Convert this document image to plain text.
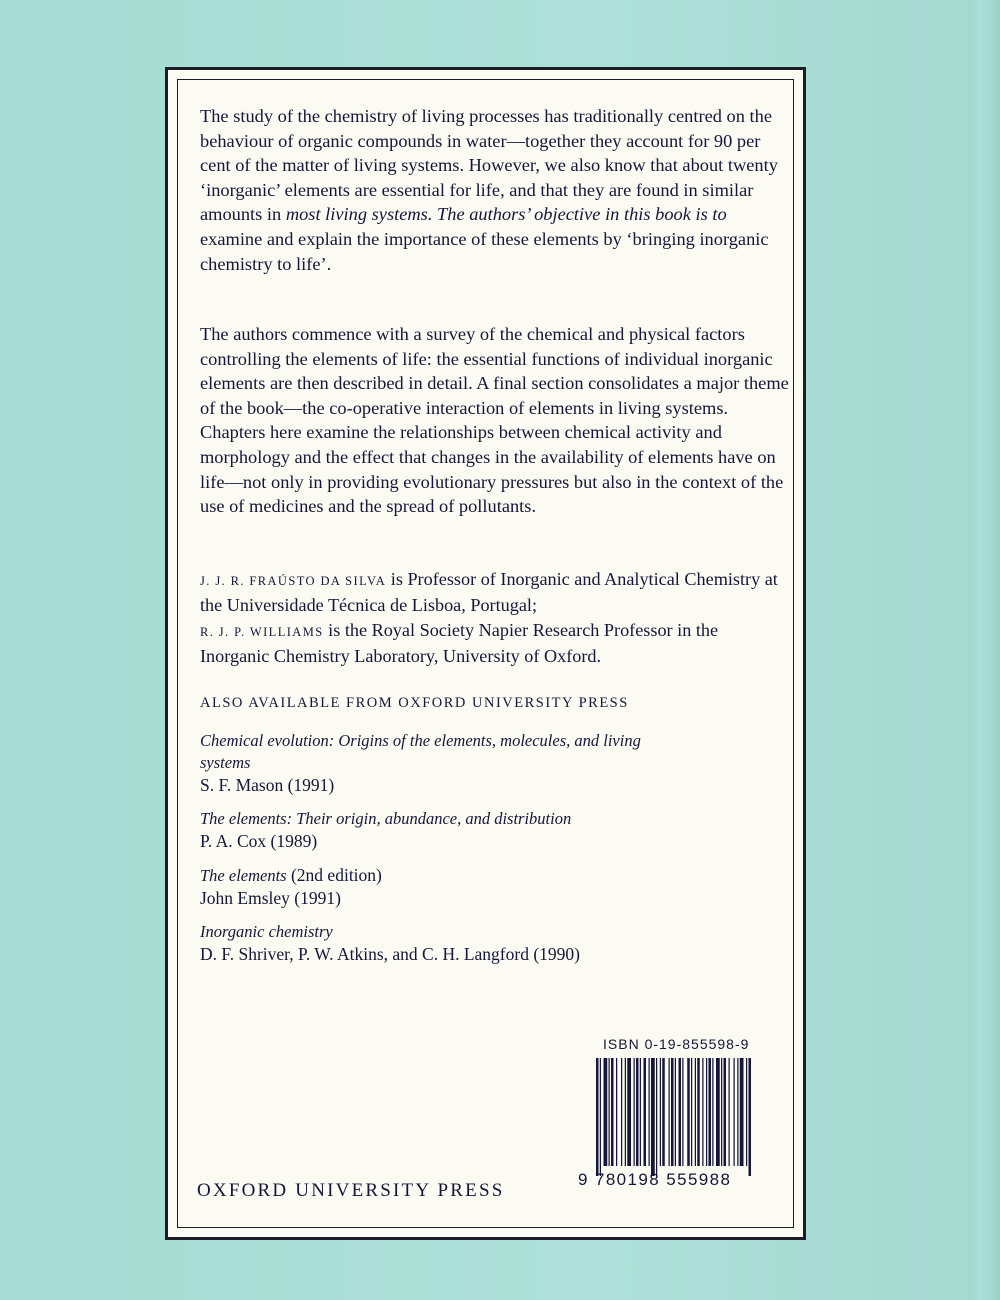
The study of the chemistry of living processes has traditionally centred on the behaviour of organic compounds in water—together they account for 90 per cent of the matter of living systems. However, we also know that about twenty ‘inorganic’ elements are essential for life, and that they are found in similar amounts in most living systems. The authors’ objective in this book is to examine and explain the importance of these elements by ‘bringing inorganic chemistry to life’.

The authors commence with a survey of the chemical and physical factors controlling the elements of life: the essential functions of individual inorganic elements are then described in detail. A final section consolidates a major theme of the book—the co-operative interaction of elements in living systems. Chapters here examine the relationships between chemical activity and morphology and the effect that changes in the availability of elements have on life—not only in providing evolutionary pressures but also in the context of the use of medicines and the spread of pollutants.

J. J. R. FRAÚSTO DA SILVA is Professor of Inorganic and Analytical Chemistry at the Universidade Técnica de Lisboa, Portugal;
R. J. P. WILLIAMS is the Royal Society Napier Research Professor in the Inorganic Chemistry Laboratory, University of Oxford.
ALSO AVAILABLE FROM OXFORD UNIVERSITY PRESS
Chemical evolution: Origins of the elements, molecules, and living systems
S. F. Mason (1991)
The elements: Their origin, abundance, and distribution
P. A. Cox (1989)
The elements (2nd edition)
John Emsley (1991)
Inorganic chemistry
D. F. Shriver, P. W. Atkins, and C. H. Langford (1990)
ISBN 0-19-855598-9
9 780198 555988
OXFORD UNIVERSITY PRESS
